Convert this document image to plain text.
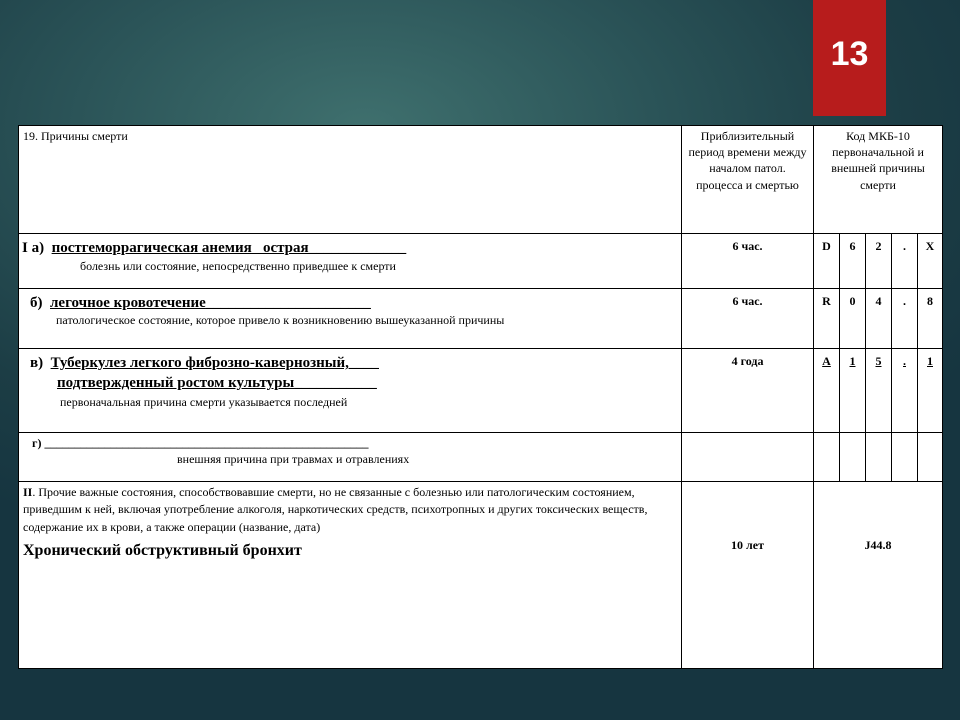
13
19. Причины смерти	Приблизительный период времени между началом патол. процесса и смертью	Код МКБ-10 первоначальной и внешней причины смерти				

I а) постгеморрагическая анемия   острая_____________
болезнь или состояние, непосредственно приведшее к смерти	6 час.	D	6	2	.	X

б) легочное кровотечение______________________
патологическое состояние, которое привело к возникновению вышеуказанной причины	6 час.	R	0	4	.	8

в) Туберкулез легкого фиброзно-кавернозный,____
подтвержденный ростом культуры___________
первоначальная причина смерти указывается последней	4 года	A	1	5	.	1

г) ______________________________________________________
внешняя причина при травмах и отравлениях						

II. Прочие важные состояния, способствовавшие смерти, но не связанные с болезнью или патологическим состоянием, приведшим к ней, включая употребление алкоголя, наркотических средств, психотропных и других токсических веществ, содержание их в крови, а также операции (название, дата)
Хронический обструктивный бронхит	10 лет	J44.8				
